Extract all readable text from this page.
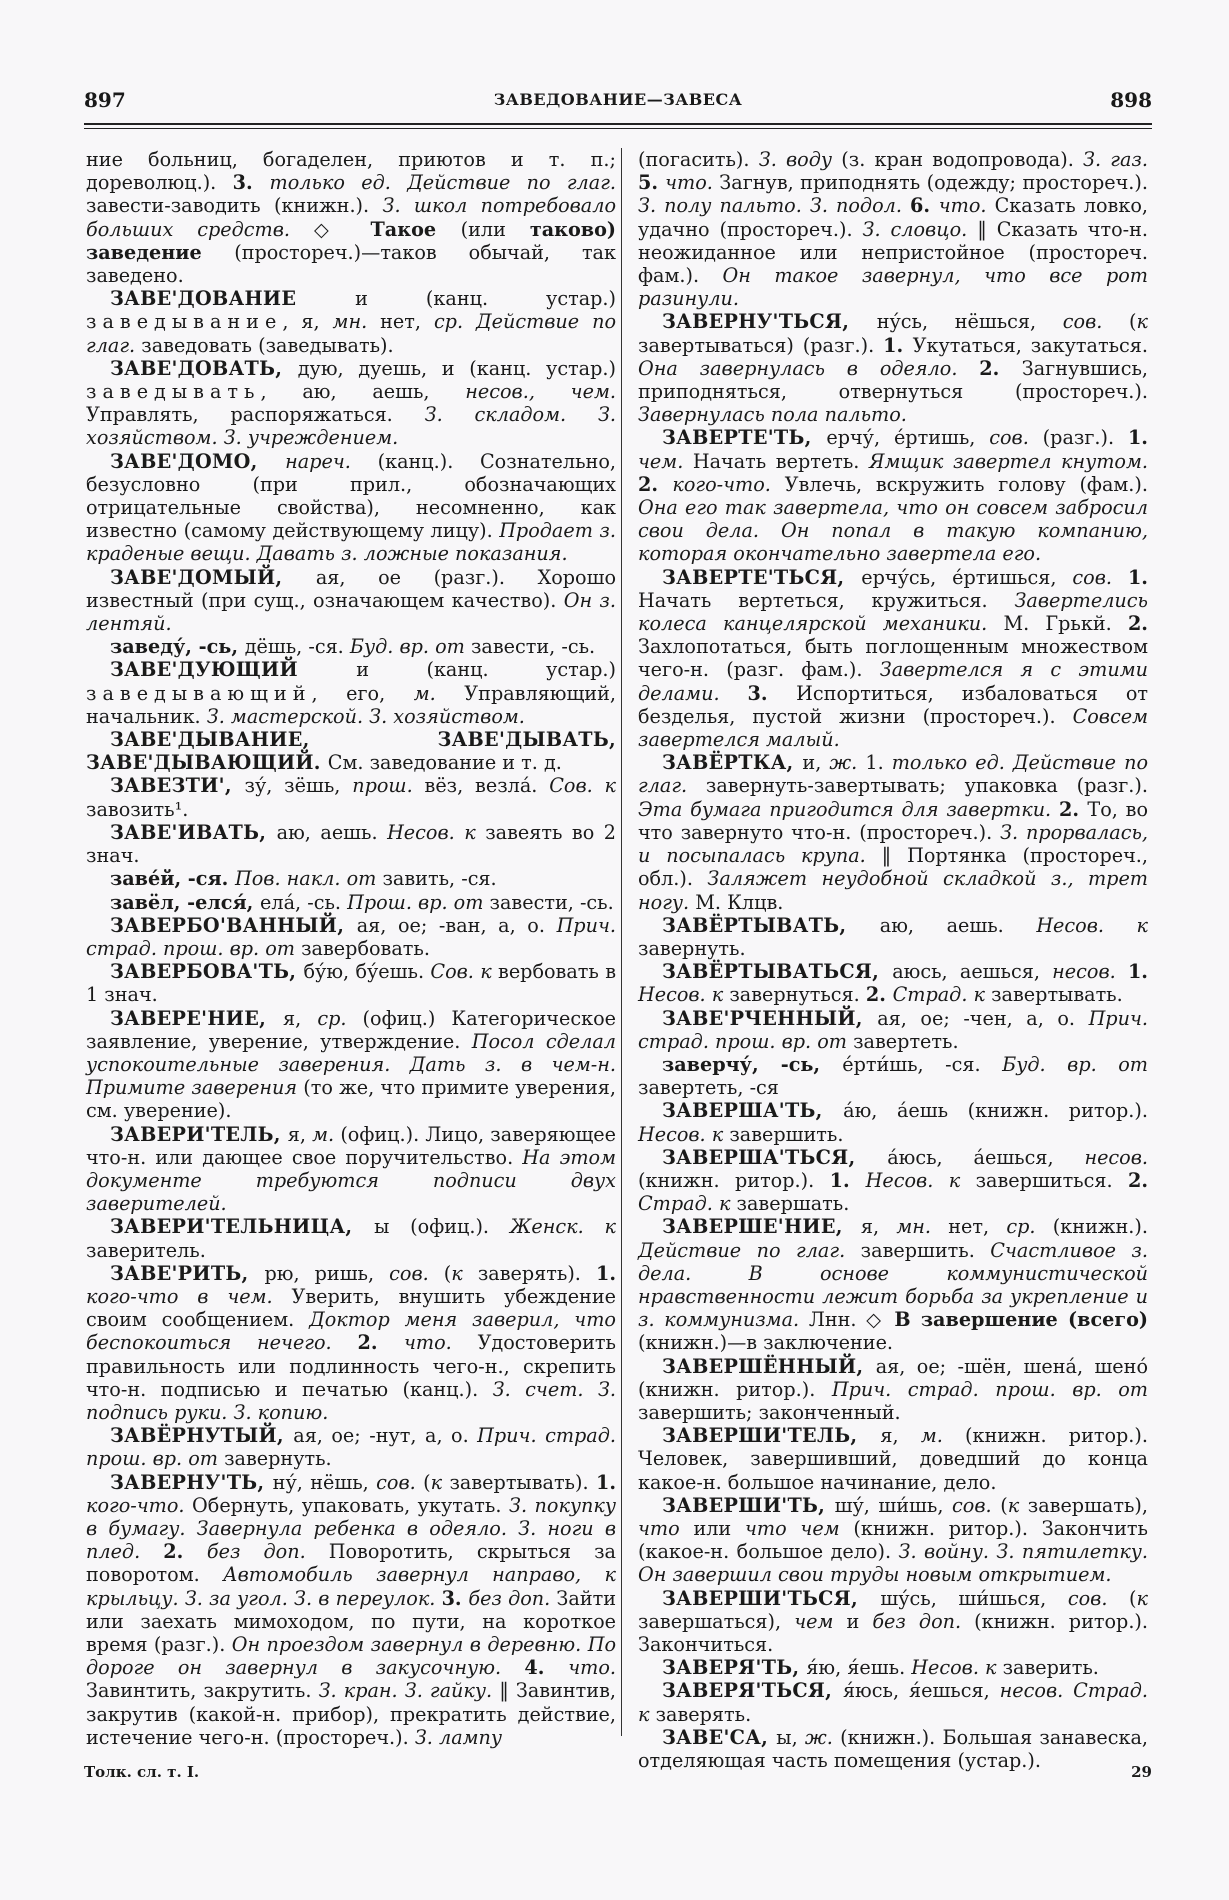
897	ЗАВЕДОВАНИЕ—ЗАВЕСА	898

ние больниц, богаделен, приютов и т. п.; дореволюц.). 3. только ед. Действие по глаг. завести-заводить (книжн.). З. школ потребовало больших средств. ◇ Такое (или таково) заведение (простореч.)—таков обычай, так заведено.

ЗАВЕ'ДОВАНИЕ и (канц. устар.) заведывание, я, мн. нет, ср. Действие по глаг. заведовать (заведывать).

ЗАВЕ'ДОВАТЬ, дую, дуешь, и (канц. устар.) заведывать, аю, аешь, несов., чем. Управлять, распоряжаться. З. складом. З. хозяйством. З. учреждением.

ЗАВЕ'ДОМО, нареч. (канц.). Сознательно, безусловно (при прил., обозначающих отрицательные свойства), несомненно, как известно (самому действующему лицу). Продает з. краденые вещи. Давать з. ложные показания.

ЗАВЕ'ДОМЫЙ, ая, ое (разг.). Хорошо известный (при сущ., означающем качество). Он з. лентяй.

заведу́, -сь, дёшь, -ся. Буд. вр. от завести, -сь.

ЗАВЕ'ДУЮЩИЙ и (канц. устар.) заведывающий, его, м. Управляющий, начальник. З. мастерской. З. хозяйством.

ЗАВЕ'ДЫВАНИЕ, ЗАВЕ'ДЫВАТЬ, ЗАВЕ'ДЫВАЮЩИЙ. См. заведование и т. д.

ЗАВЕЗТИ', зу́, зёшь, прош. вёз, везла́. Сов. к завозить¹.

ЗАВЕ'ИВАТЬ, аю, аешь. Несов. к завеять во 2 знач.

заве́й, -ся. Пов. накл. от завить, -ся.

завёл, -елся́, ела́, -сь. Прош. вр. от завести, -сь.

ЗАВЕРБО'ВАННЫЙ, ая, ое; -ван, а, о. Прич. страд. прош. вр. от завербовать.

ЗАВЕРБОВА'ТЬ, бу́ю, бу́ешь. Сов. к вербовать в 1 знач.

ЗАВЕРЕ'НИЕ, я, ср. (офиц.) Категорическое заявление, уверение, утверждение. Посол сделал успокоительные заверения. Дать з. в чем-н. Примите заверения (то же, что примите уверения, см. уверение).

ЗАВЕРИ'ТЕЛЬ, я, м. (офиц.). Лицо, заверяющее что-н. или дающее свое поручительство. На этом документе требуются подписи двух заверителей.

ЗАВЕРИ'ТЕЛЬНИЦА, ы (офиц.). Женск. к заверитель.

ЗАВЕ'РИТЬ, рю, ришь, сов. (к заверять). 1. кого-что в чем. Уверить, внушить убеждение своим сообщением. Доктор меня заверил, что беспокоиться нечего. 2. что. Удостоверить правильность или подлинность чего-н., скрепить что-н. подписью и печатью (канц.). З. счет. З. подпись руки. З. копию.

ЗАВЁРНУТЫЙ, ая, ое; -нут, а, о. Прич. страд. прош. вр. от завернуть.

ЗАВЕРНУ'ТЬ, ну́, нёшь, сов. (к завертывать). 1. кого-что. Обернуть, упаковать, укутать. З. покупку в бумагу. Завернула ребенка в одеяло. З. ноги в плед. 2. без доп. Поворотить, скрыться за поворотом. Автомобиль завернул направо, к крыльцу. З. за угол. З. в переулок. 3. без доп. Зайти или заехать мимоходом, по пути, на короткое время (разг.). Он проездом завернул в деревню. По дороге он завернул в закусочную. 4. что. Завинтить, закрутить. З. кран. З. гайку. ‖ Завинтив, закрутив (какой-н. прибор), прекратить действие, истечение чего-н. (простореч.). З. лампу

(погасить). З. воду (з. кран водопровода). З. газ. 5. что. Загнув, приподнять (одежду; простореч.). З. полу пальто. З. подол. 6. что. Сказать ловко, удачно (простореч.). З. словцо. ‖ Сказать что-н. неожиданное или непристойное (простореч. фам.). Он такое завернул, что все рот разинули.

ЗАВЕРНУ'ТЬСЯ, ну́сь, нёшься, сов. (к завертываться) (разг.). 1. Укутаться, закутаться. Она завернулась в одеяло. 2. Загнувшись, приподняться, отвернуться (простореч.). Завернулась пола пальто.

ЗАВЕРТЕ'ТЬ, ерчу́, е́ртишь, сов. (разг.). 1. чем. Начать вертеть. Ямщик завертел кнутом. 2. кого-что. Увлечь, вскружить голову (фам.). Она его так завертела, что он совсем забросил свои дела. Он попал в такую компанию, которая окончательно завертела его.

ЗАВЕРТЕ'ТЬСЯ, ерчу́сь, е́ртишься, сов. 1. Начать вертеться, кружиться. Завертелись колеса канцелярской механики. М. Грькй. 2. Захлопотаться, быть поглощенным множеством чего-н. (разг. фам.). Завертелся я с этими делами. 3. Испортиться, избаловаться от безделья, пустой жизни (простореч.). Совсем завертелся малый.

ЗАВЁРТКА, и, ж. 1. только ед. Действие по глаг. завернуть-завертывать; упаковка (разг.). Эта бумага пригодится для завертки. 2. То, во что завернуто что-н. (простореч.). З. прорвалась, и посыпалась крупа. ‖ Портянка (простореч., обл.). Заляжет неудобной складкой з., трет ногу. М. Клцв.

ЗАВЁРТЫВАТЬ, аю, аешь. Несов. к завернуть.

ЗАВЁРТЫВАТЬСЯ, аюсь, аешься, несов. 1. Несов. к завернуться. 2. Страд. к завертывать.

ЗАВЕ'РЧЕННЫЙ, ая, ое; -чен, а, о. Прич. страд. прош. вр. от завертеть.

заверчу́, -сь, е́рти́шь, -ся. Буд. вр. от завертеть, -ся

ЗАВЕРША'ТЬ, а́ю, а́ешь (книжн. ритор.). Несов. к завершить.

ЗАВЕРША'ТЬСЯ, а́юсь, а́ешься, несов. (книжн. ритор.). 1. Несов. к завершиться. 2. Страд. к завершать.

ЗАВЕРШЕ'НИЕ, я, мн. нет, ср. (книжн.). Действие по глаг. завершить. Счастливое з. дела. В основе коммунистической нравственности лежит борьба за укрепление и з. коммунизма. Лнн. ◇ В завершение (всего) (книжн.)—в заключение.

ЗАВЕРШЁННЫЙ, ая, ое; -шён, шена́, шено́ (книжн. ритор.). Прич. страд. прош. вр. от завершить; законченный.

ЗАВЕРШИ'ТЕЛЬ, я, м. (книжн. ритор.). Человек, завершивший, доведший до конца какое-н. большое начинание, дело.

ЗАВЕРШИ'ТЬ, шу́, ши́шь, сов. (к завершать), что или что чем (книжн. ритор.). Закончить (какое-н. большое дело). З. войну. З. пятилетку. Он завершил свои труды новым открытием.

ЗАВЕРШИ'ТЬСЯ, шу́сь, ши́шься, сов. (к завершаться), чем и без доп. (книжн. ритор.). Закончиться.

ЗАВЕРЯ'ТЬ, я́ю, я́ешь. Несов. к заверить.

ЗАВЕРЯ'ТЬСЯ, я́юсь, я́ешься, несов. Страд. к заверять.

ЗАВЕ'СА, ы, ж. (книжн.). Большая занавеска, отделяющая часть помещения (устар.).

Толк. сл. т. I.	29
